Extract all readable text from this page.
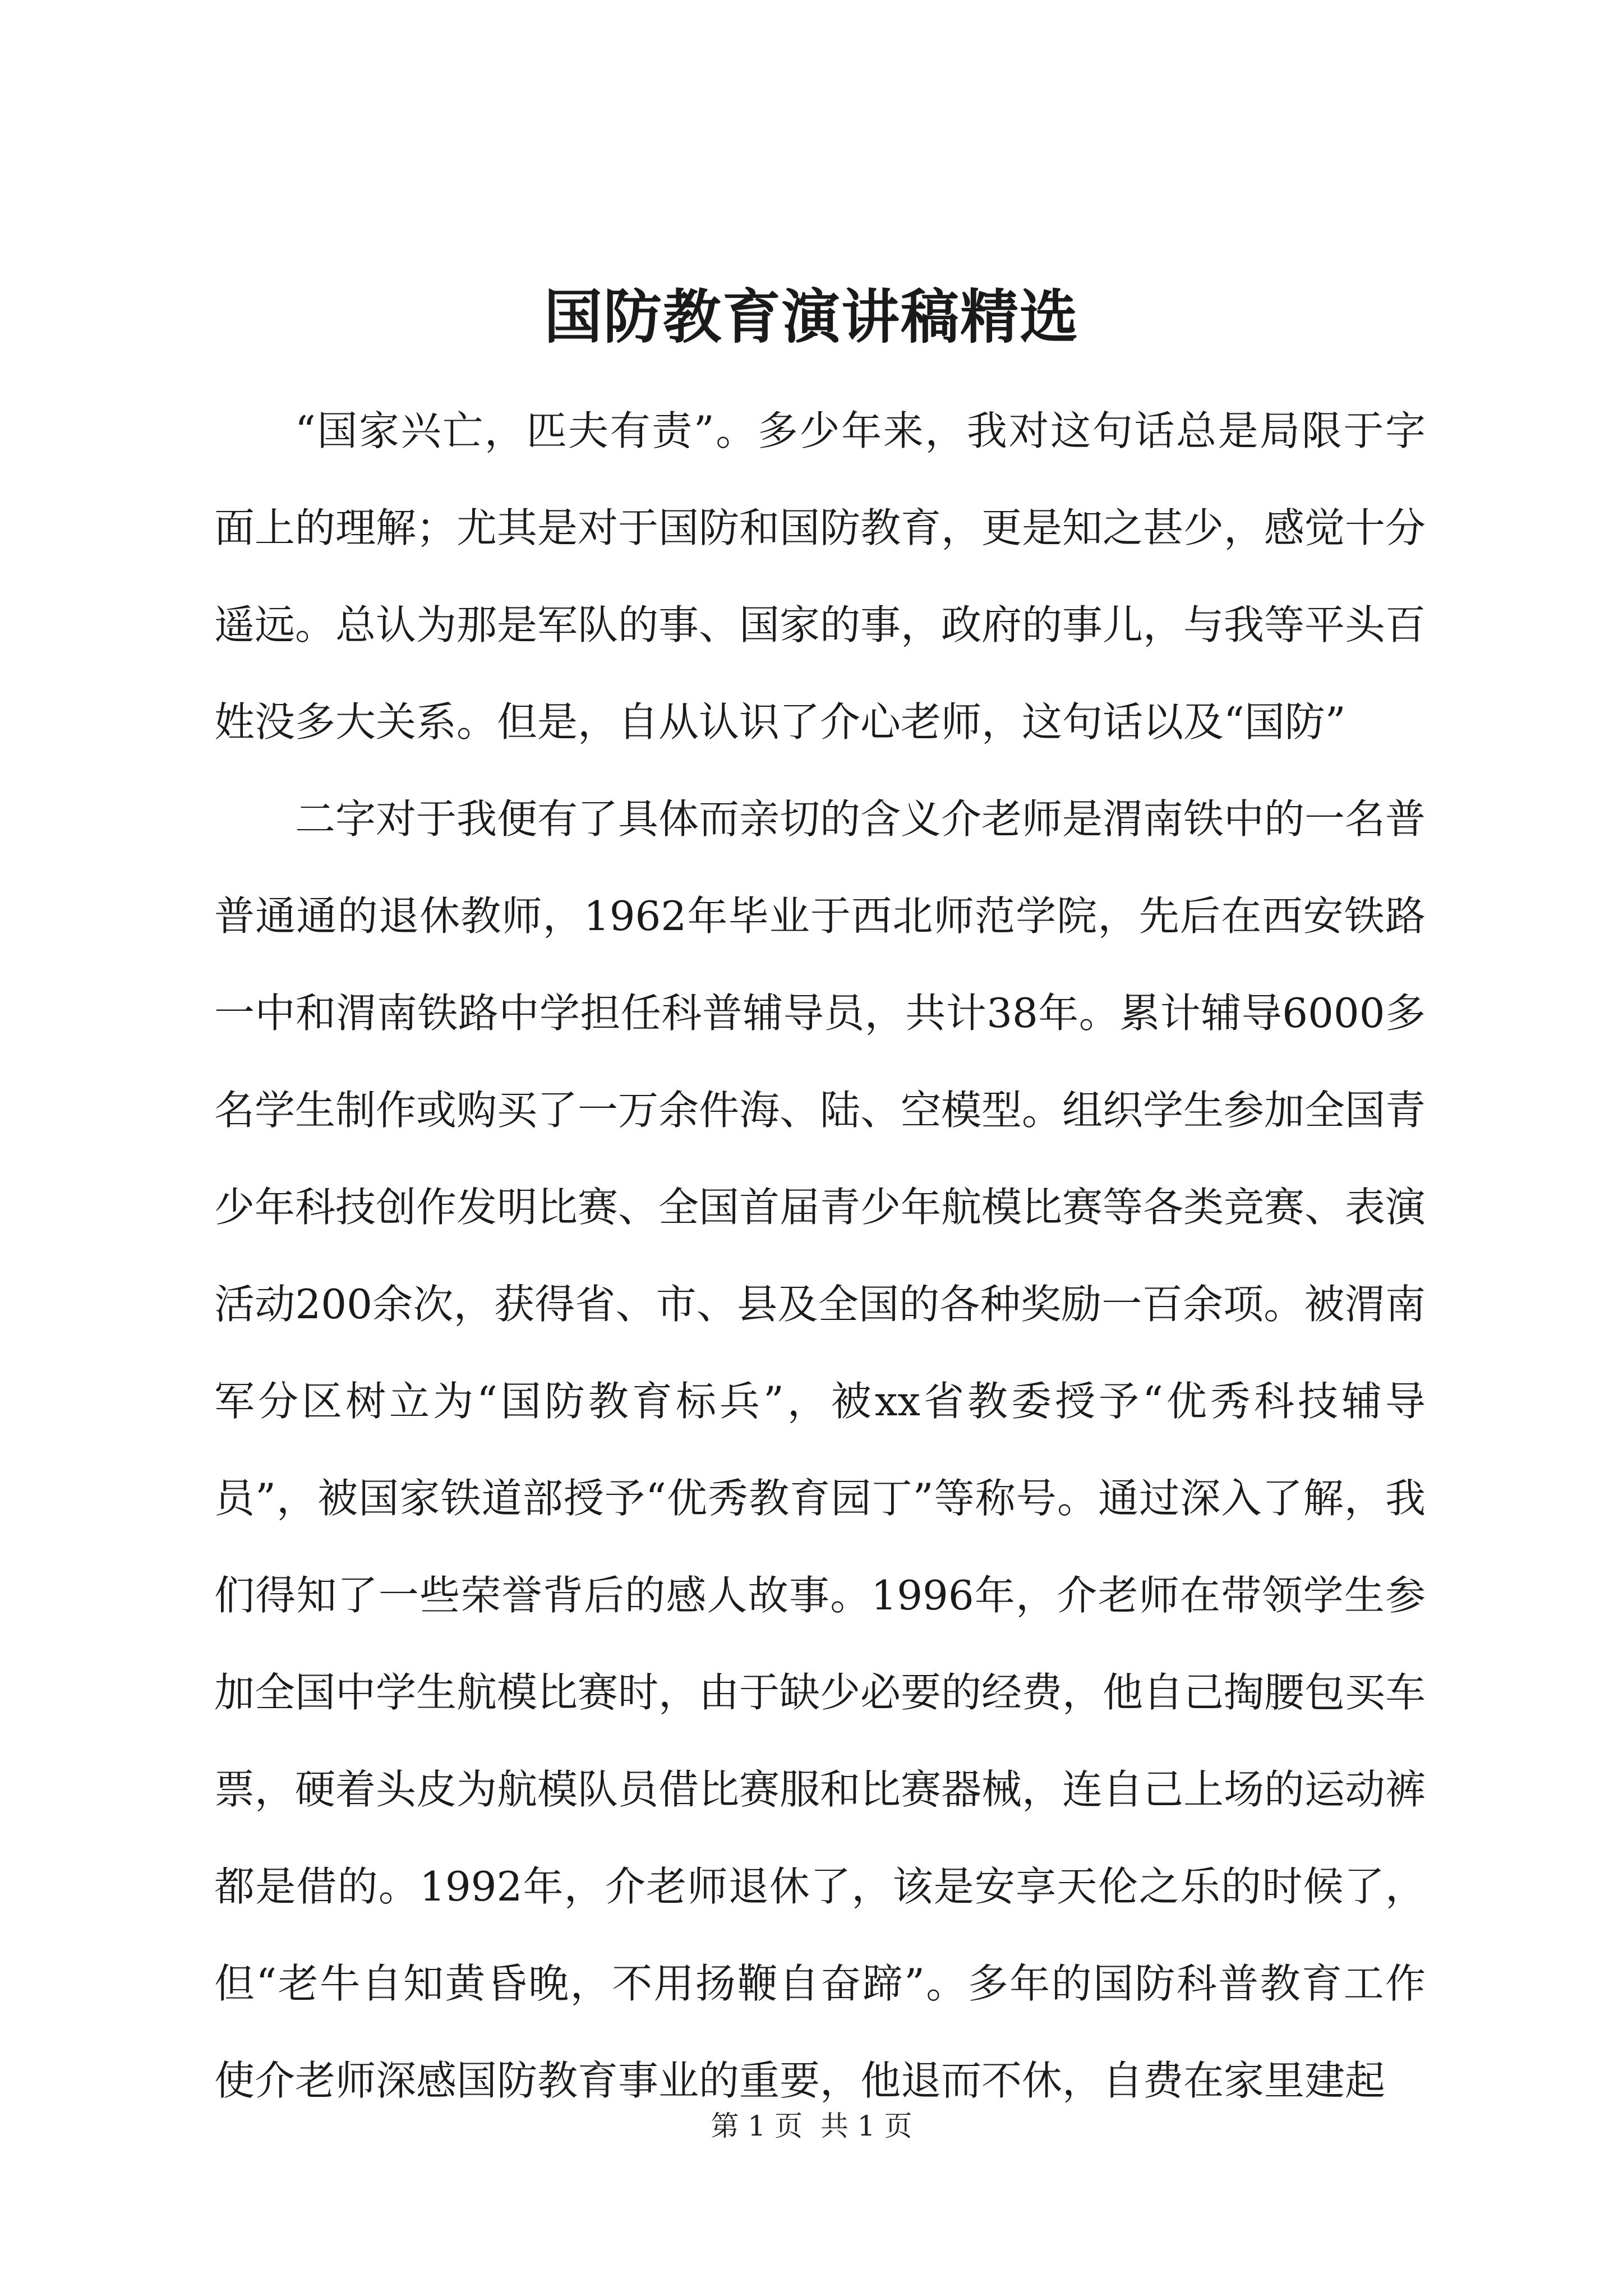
国防教育演讲稿精选

“国家兴亡，匹夫有责”。多少年来，我对这句话总是局限于字面上的理解；尤其是对于国防和国防教育，更是知之甚少，感觉十分遥远。总认为那是军队的事、国家的事，政府的事儿，与我等平头百姓没多大关系。但是，自从认识了介心老师，这句话以及“国防”

二字对于我便有了具体而亲切的含义介老师是渭南铁中的一名普普通通的退休教师，1962年毕业于西北师范学院，先后在西安铁路一中和渭南铁路中学担任科普辅导员，共计38年。累计辅导6000多名学生制作或购买了一万余件海、陆、空模型。组织学生参加全国青少年科技创作发明比赛、全国首届青少年航模比赛等各类竞赛、表演活动200余次，获得省、市、县及全国的各种奖励一百余项。被渭南军分区树立为“国防教育标兵”，被xx省教委授予“优秀科技辅导员”，被国家铁道部授予“优秀教育园丁”等称号。通过深入了解，我们得知了一些荣誉背后的感人故事。1996年，介老师在带领学生参加全国中学生航模比赛时，由于缺少必要的经费，他自己掏腰包买车票，硬着头皮为航模队员借比赛服和比赛器械，连自己上场的运动裤都是借的。1992年，介老师退休了，该是安享天伦之乐的时候了，但“老牛自知黄昏晚，不用扬鞭自奋蹄”。多年的国防科普教育工作使介老师深感国防教育事业的重要，他退而不休，自费在家里建起

第 1 页  共 1 页
